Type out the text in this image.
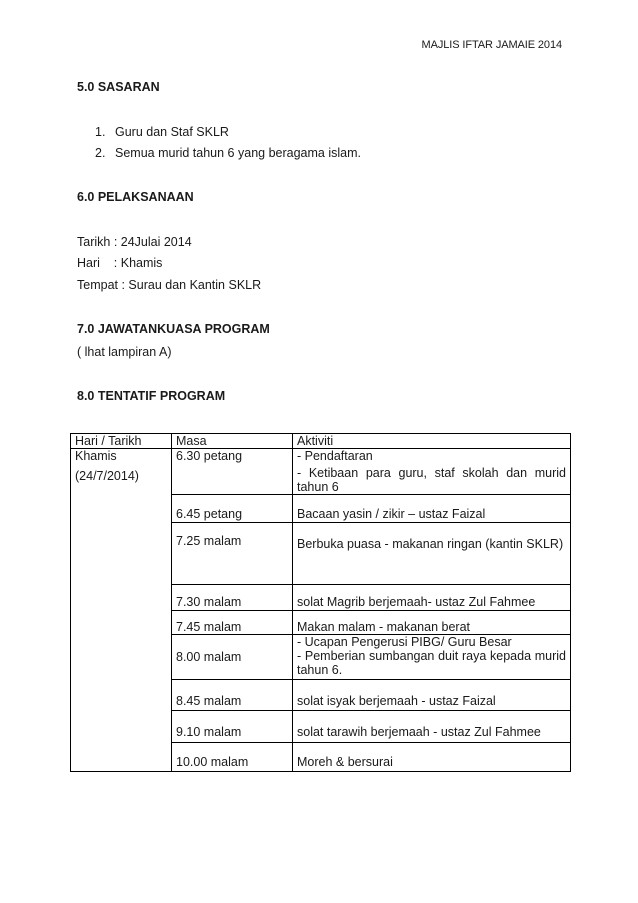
MAJLIS IFTAR JAMAIE 2014
5.0 SASARAN
1. Guru dan Staf SKLR
2. Semua murid tahun 6 yang beragama islam.
6.0 PELAKSANAAN
Tarikh : 24Julai 2014
Hari    : Khamis
Tempat : Surau dan Kantin SKLR
7.0 JAWATANKUASA PROGRAM
( lhat lampiran A)
8.0 TENTATIF PROGRAM
Hari / Tarikh	Masa	Aktiviti

Khamis
(24/7/2014)	6.30 petang	- Pendaftaran
- Ketibaan para guru, staf skolah dan murid tahun 6

	6.45 petang	Bacaan yasin / zikir – ustaz Faizal

	7.25 malam	Berbuka puasa - makanan ringan (kantin SKLR)
	7.30 malam	solat Magrib berjemaah- ustaz Zul Fahmee
	7.45 malam	Makan malam - makanan berat
	8.00 malam	- Ucapan Pengerusi PIBG/ Guru Besar
- Pemberian sumbangan duit raya kepada murid tahun 6.

	8.45 malam	solat isyak berjemaah - ustaz Faizal
	9.10 malam	solat tarawih berjemaah - ustaz Zul Fahmee
	10.00 malam	Moreh & bersurai
